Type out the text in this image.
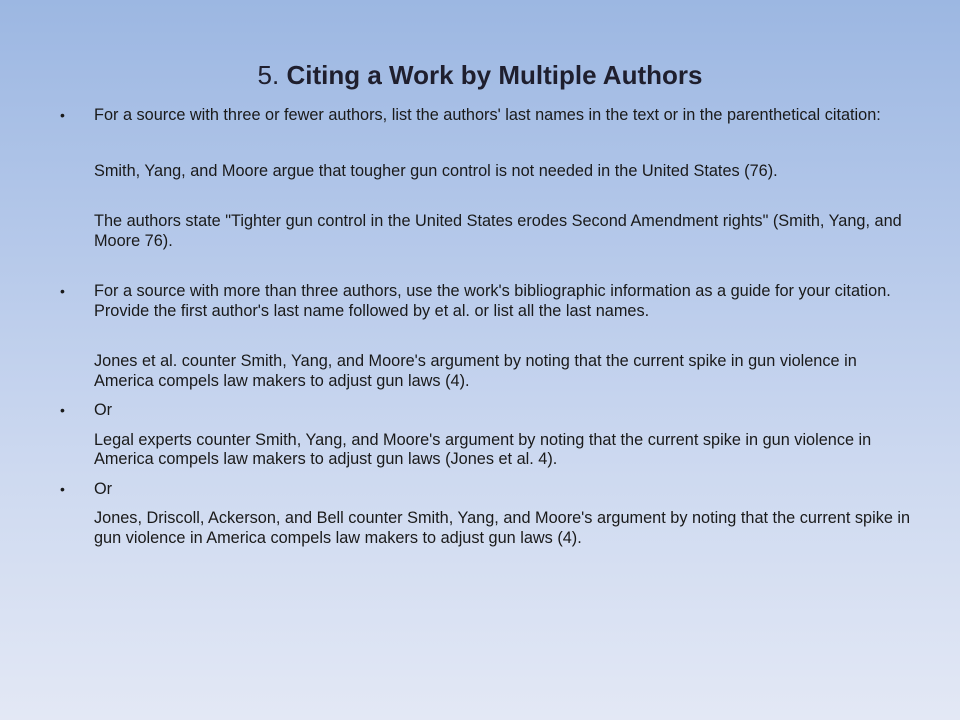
5. Citing a Work by Multiple Authors
• For a source with three or fewer authors, list the authors' last names in the text or in the parenthetical citation:

Smith, Yang, and Moore argue that tougher gun control is not needed in the United States (76).

The authors state "Tighter gun control in the United States erodes Second Amendment rights" (Smith, Yang, and Moore 76).

• For a source with more than three authors, use the work's bibliographic information as a guide for your citation. Provide the first author's last name followed by et al. or list all the last names.

Jones et al. counter Smith, Yang, and Moore's argument by noting that the current spike in gun violence in America compels law makers to adjust gun laws (4).

• Or

Legal experts counter Smith, Yang, and Moore's argument by noting that the current spike in gun violence in America compels law makers to adjust gun laws (Jones et al. 4).

• Or

Jones, Driscoll, Ackerson, and Bell counter Smith, Yang, and Moore's argument by noting that the current spike in gun violence in America compels law makers to adjust gun laws (4).
